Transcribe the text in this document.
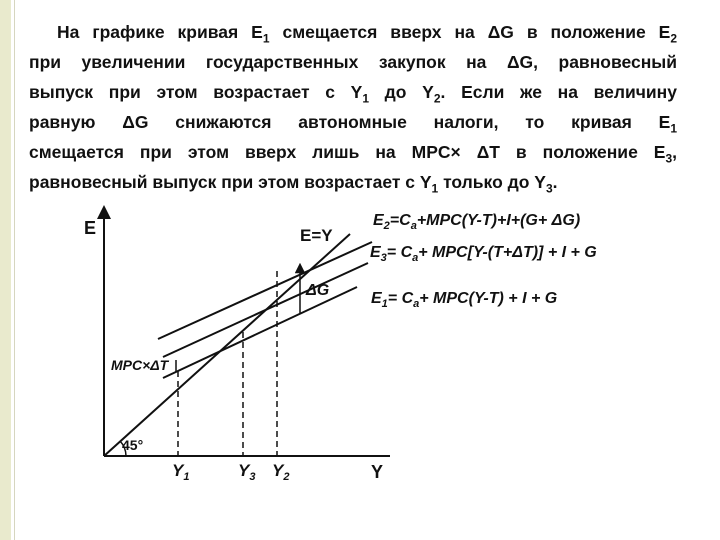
На графике кривая $E_1$ смещается вверх на ΔG в положение $E_2$
при увеличении государственных закупок на ΔG, равновесный
выпуск при этом возрастает с $Y_1$ до $Y_2$. Если же на величину
равную ΔG снижаются автономные налоги, то кривая $E_1$
смещается при этом вверх лишь на MPC× ΔT в положение $E_3$,
равновесный выпуск при этом возрастает с $Y_1$ только до $Y_3$.
E
Y
E=Y
$E_2=C_a+MPC(Y-T)+I+(G+ \Delta G)$
$E_3= C_a+ MPC[Y-(T+\Delta T)] + I + G$
$E_1= C_a+ MPC(Y-T) + I + G$
ΔG
MPC×ΔT
45°
$Y_1$	$Y_3$ $Y_2$
